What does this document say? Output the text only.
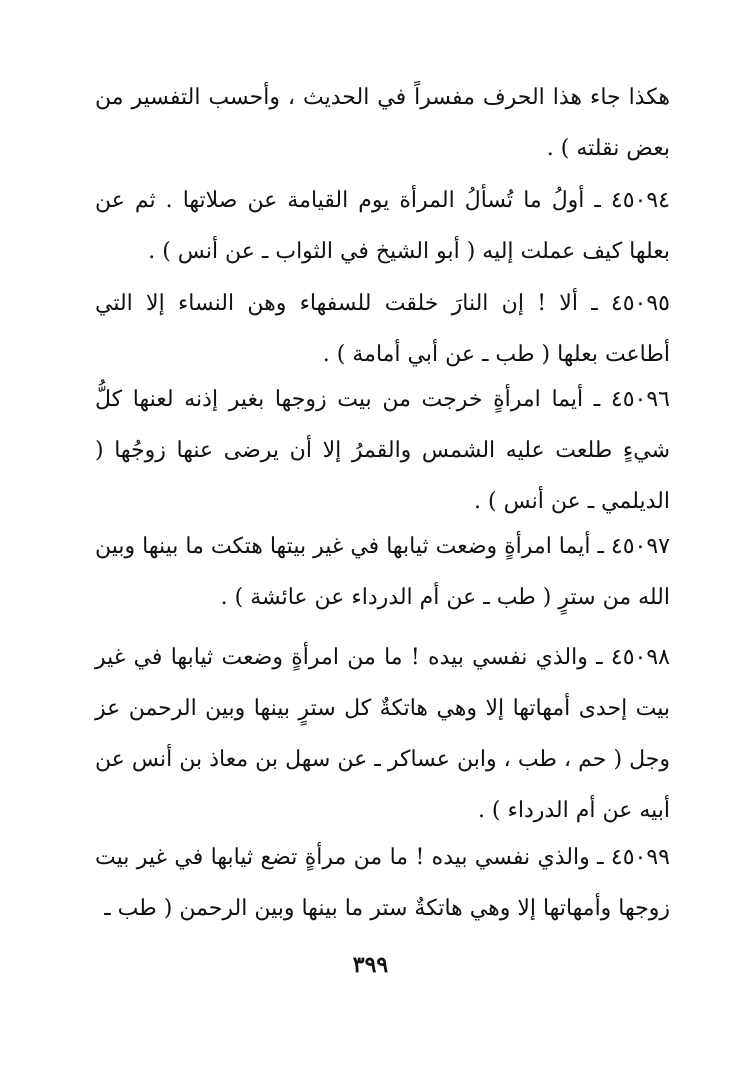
هكذا جاء هذا الحرف مفسراً في الحديث ، وأحسب التفسير من بعض نقلته ) .

٤٥٠٩٤ ـ أولُ ما تُسألُ المرأة يوم القيامة عن صلاتها . ثم عن بعلها كيف عملت إليه ( أبو الشيخ في الثواب ـ عن أنس ) .

٤٥٠٩٥ ـ ألا ! إن النارَ خلقت للسفهاء وهن النساء إلا التي أطاعت بعلها ( طب ـ عن أبي أمامة ) .

٤٥٠٩٦ ـ أيما امرأةٍ خرجت من بيت زوجها بغير إذنه لعنها كلُّ شيءٍ طلعت عليه الشمس والقمرُ إلا أن يرضى عنها زوجُها ( الديلمي ـ عن أنس ) .

٤٥٠٩٧ ـ أيما امرأةٍ وضعت ثيابها في غير بيتها هتكت ما بينها وبين الله من سترٍ ( طب ـ عن أم الدرداء عن عائشة ) .

٤٥٠٩٨ ـ والذي نفسي بيده ! ما من امرأةٍ وضعت ثيابها في غير بيت إحدى أمهاتها إلا وهي هاتكةٌ كل سترٍ بينها وبين الرحمن عز وجل ( حم ، طب ، وابن عساكر ـ عن سهل بن معاذ بن أنس عن أبيه عن أم الدرداء ) .

٤٥٠٩٩ ـ والذي نفسي بيده ! ما من مرأةٍ تضع ثيابها في غير بيت زوجها وأمهاتها إلا وهي هاتكةٌ ستر ما بينها وبين الرحمن ( طب ـ

٣٩٩
